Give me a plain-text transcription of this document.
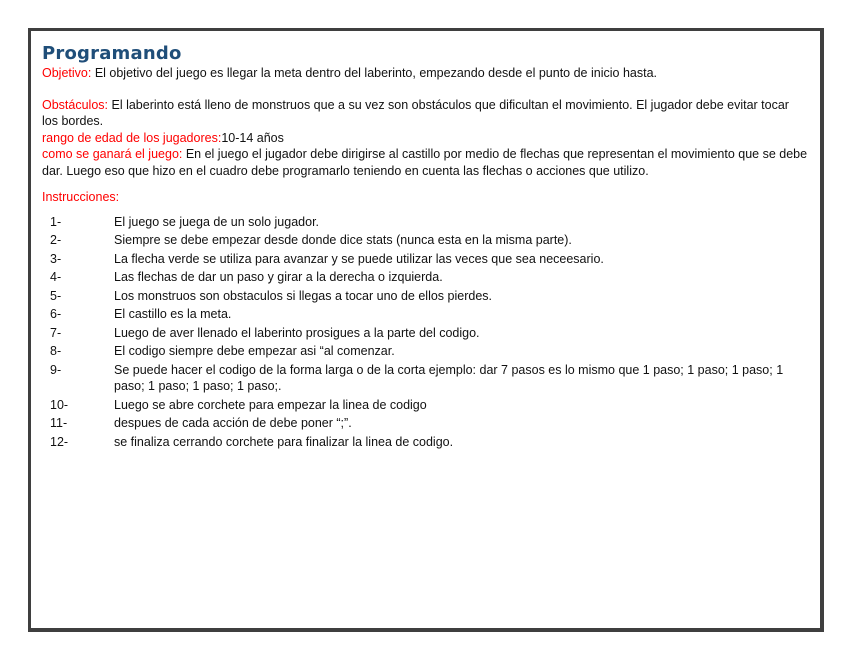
Programando

Objetivo: El objetivo del juego es llegar la meta dentro del laberinto, empezando desde el punto de inicio hasta.

Obstáculos: El laberinto está lleno de monstruos que a su vez son obstáculos que dificultan el movimiento. El jugador debe evitar tocar los bordes.

rango de edad de los jugadores:10-14 años

como se ganará el juego: En el juego el jugador debe dirigirse al castillo por medio de flechas que representan el movimiento que se debe dar. Luego eso que hizo en el cuadro debe programarlo teniendo en cuenta las flechas o acciones que utilizo.

Instrucciones:

1-	El juego se juega de un solo jugador.
2-	Siempre se debe empezar desde donde dice stats (nunca esta en la misma parte).
3-	La flecha verde se utiliza para avanzar y se puede utilizar las veces que sea neceesario.
4-	Las flechas de dar un paso y girar a la derecha o izquierda.
5-	Los monstruos son obstaculos si llegas a tocar uno de ellos pierdes.
6-	El castillo es la meta.
7-	Luego de aver llenado el laberinto prosigues a la parte del codigo.
8-	El codigo siempre debe empezar asi “al comenzar.
9-	Se puede hacer el codigo de la forma larga o de la corta ejemplo: dar 7 pasos es lo mismo que 1 paso; 1 paso; 1 paso; 1 paso; 1 paso; 1 paso; 1 paso;.
10-	Luego se abre corchete para empezar la linea de codigo
11-	despues de cada acción de debe poner “;”.
12-	se finaliza cerrando corchete para finalizar la linea de codigo.
